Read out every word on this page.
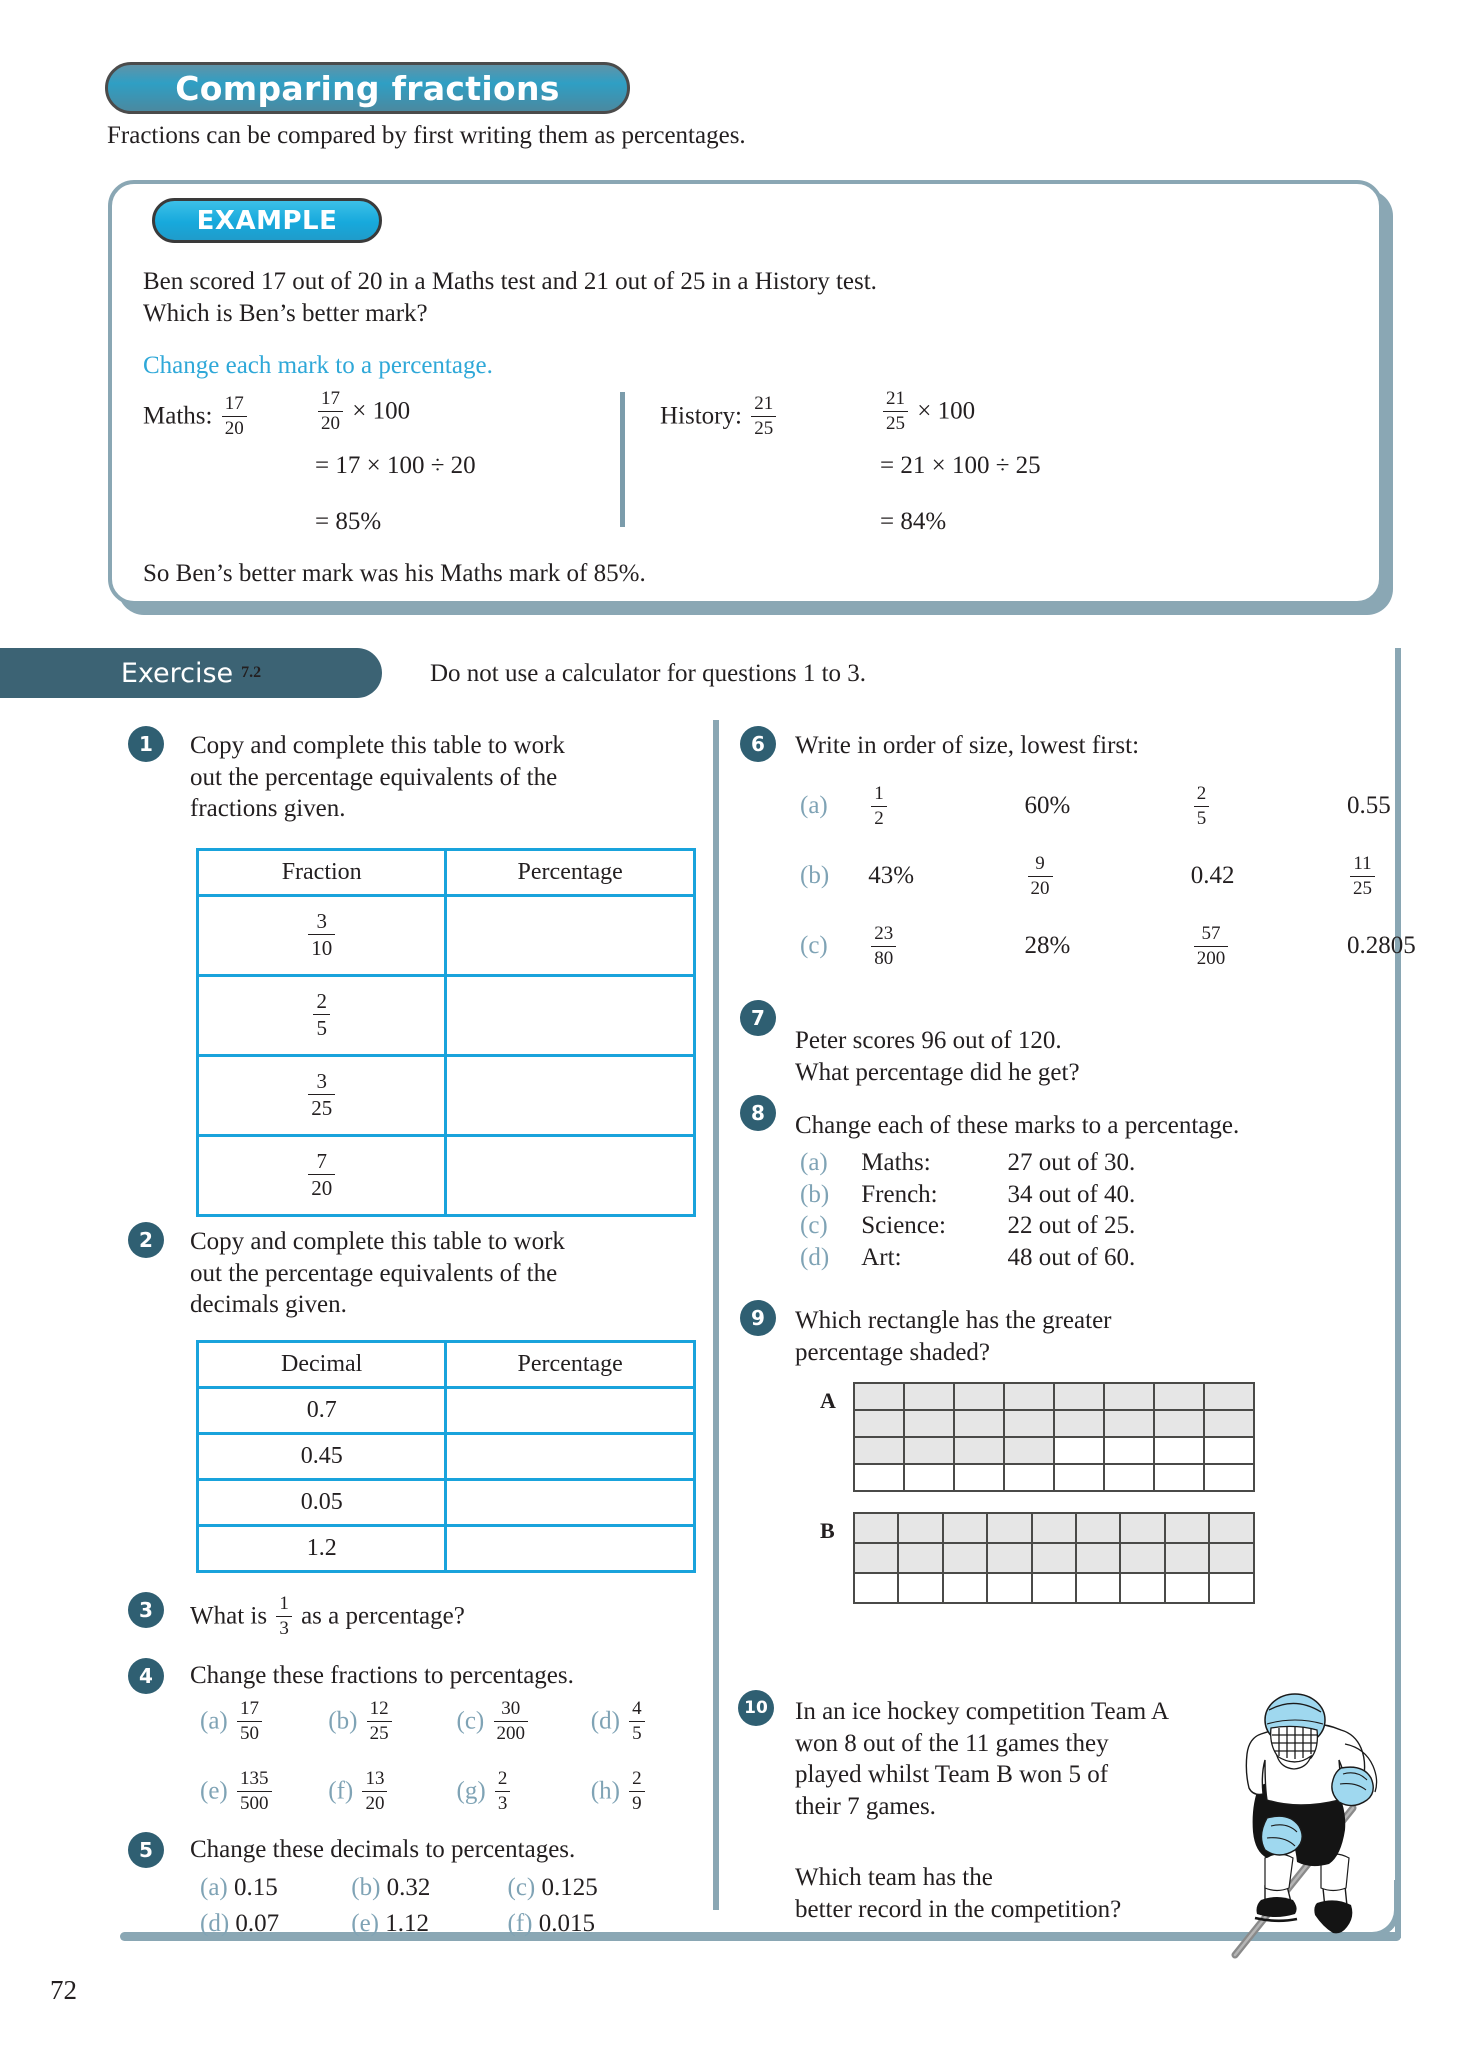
Comparing fractions
Fractions can be compared by first writing them as percentages.
EXAMPLE
Ben scored 17 out of 20 in a Maths test and 21 out of 25 in a History test.
Which is Ben’s better mark?
Change each mark to a percentage.
Maths: $\frac{17}{20}$	$\frac{17}{20} \times 100$
= 17 × 100 ÷ 20
= 85%
History: $\frac{21}{25}$	$\frac{21}{25} \times 100$
= 21 × 100 ÷ 25
= 84%
So Ben’s better mark was his Maths mark of 85%.
Exercise 7.2	Do not use a calculator for questions 1 to 3.
1	Copy and complete this table to work
out the percentage equivalents of the
fractions given.
Fraction	Percentage

$\frac{3}{10}$

$\frac{2}{5}$

$\frac{3}{25}$

$\frac{7}{20}$

2	Copy and complete this table to work
out the percentage equivalents of the
decimals given.
Decimal	Percentage
0.7	
0.45	
0.05	
1.2	
3	What is $\frac{1}{3}$ as a percentage?
4	Change these fractions to percentages.
$(a) \frac{17}{50}$	$(b) \frac{12}{25}$	$(c) \frac{30}{200}$	$(d) \frac{4}{5}$
$(e) \frac{135}{500} (f) \frac{13}{20}$	$(g) \frac{2}{3}$	$(h) \frac{2}{9}$
5	Change these decimals to percentages.
(a) 0.15	(b) 0.32	(c) 0.125
(d) 0.07	(e) 1.12	(f) 0.015
6	Write in order of size, lowest first:
$(a) \frac{1}{2}$	60%	$\frac{2}{5}$	0.55
(b) 43%	$\frac{9}{20}$	0.42	$\frac{11}{25}$
$(c) \frac{23}{80}$	28%	$\frac{57}{200}$	0.2805
7
Peter scores 96 out of 120.
What percentage did he get?
8	Change each of these marks to a percentage.
(a) Maths:	27 out of 30.
(b) French:	34 out of 40.
(c) Science: 22 out of 25.
(d) Art:	48 out of 60.
9	Which rectangle has the greater
percentage shaded?
A

B

10 In an ice hockey competition Team A
won 8 out of the 11 games they
played whilst Team B won 5 of
their 7 games.
Which team has the
better record in the competition?
72
